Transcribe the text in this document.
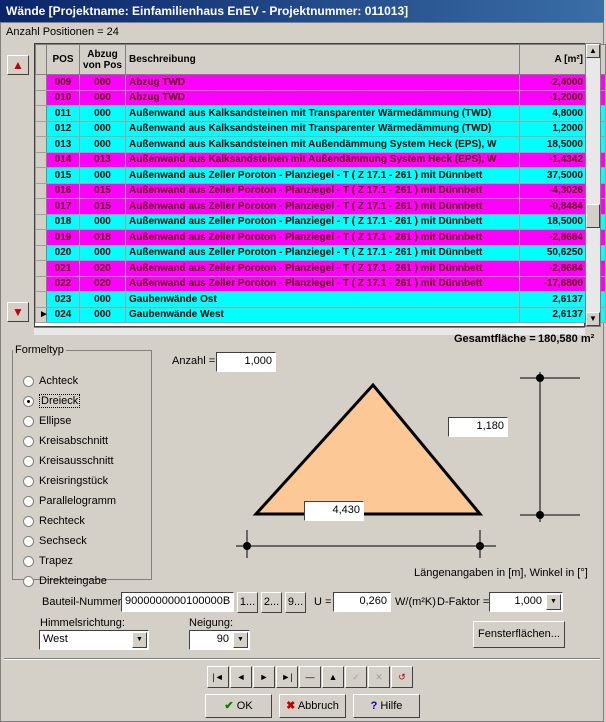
Wände [Projektname: Einfamilienhaus EnEV - Projektnummer: 011013]
Anzahl Positionen = 24
▲
▼
	POS	Abzug von Pos	Beschreibung	A [m²]
	009	000	Abzug TWD	-2,4000
	010	000	Abzug TWD	-1,2000
	011	000	Außenwand aus Kalksandsteinen mit Transparenter Wärmedämmung (TWD)	4,8000
	012	000	Außenwand aus Kalksandsteinen mit Transparenter Wärmedämmung (TWD)	1,2000
	013	000	Außenwand aus Kalksandsteinen mit Außendämmung System Heck (EPS), W	18,5000
	014	013	Außenwand aus Kalksandsteinen mit Außendämmung System Heck (EPS), W	-1,4342
	015	000	Außenwand aus Zeller Poroton - Planziegel - T ( Z 17.1 - 261 ) mit Dünnbett	37,5000
	016	015	Außenwand aus Zeller Poroton - Planziegel - T ( Z 17.1 - 261 ) mit Dünnbett	-4,3026
	017	015	Außenwand aus Zeller Poroton - Planziegel - T ( Z 17.1 - 261 ) mit Dünnbett	-0,8484
	018	000	Außenwand aus Zeller Poroton - Planziegel - T ( Z 17.1 - 261 ) mit Dünnbett	18,5000
	019	018	Außenwand aus Zeller Poroton - Planziegel - T ( Z 17.1 - 261 ) mit Dünnbett	-2,8684
	020	000	Außenwand aus Zeller Poroton - Planziegel - T ( Z 17.1 - 261 ) mit Dünnbett	50,6250
	021	020	Außenwand aus Zeller Poroton - Planziegel - T ( Z 17.1 - 261 ) mit Dünnbett	-2,8684
	022	020	Außenwand aus Zeller Poroton - Planziegel - T ( Z 17.1 - 261 ) mit Dünnbett	-17,6800
	023	000	Gaubenwände Ost	2,6137
►	024	000	Gaubenwände West	2,6137
▲
▼
Gesamtfläche = 180,580 m²
Formeltyp
Achteck
Dreieck
Ellipse
Kreisabschnitt
Kreisausschnitt
Kreisringstück
Parallelogramm
Rechteck
Sechseck
Trapez
Direkteingabe
Anzahl =	1,000
1,180
4,430
Längenangaben in [m], Winkel in [°]
Bauteil-Nummer 9000000000100000B 1... 2... 9... U =	0,260 W/(m²K) D-Faktor =	1,000	▼
Himmelsrichtung:
West	▼
Neigung:
90	▼	Fensterflächen...
|◄	◄	►	►|	—	▲	✓	✕	↺
✔ OK	✖ Abbruch	? Hilfe
